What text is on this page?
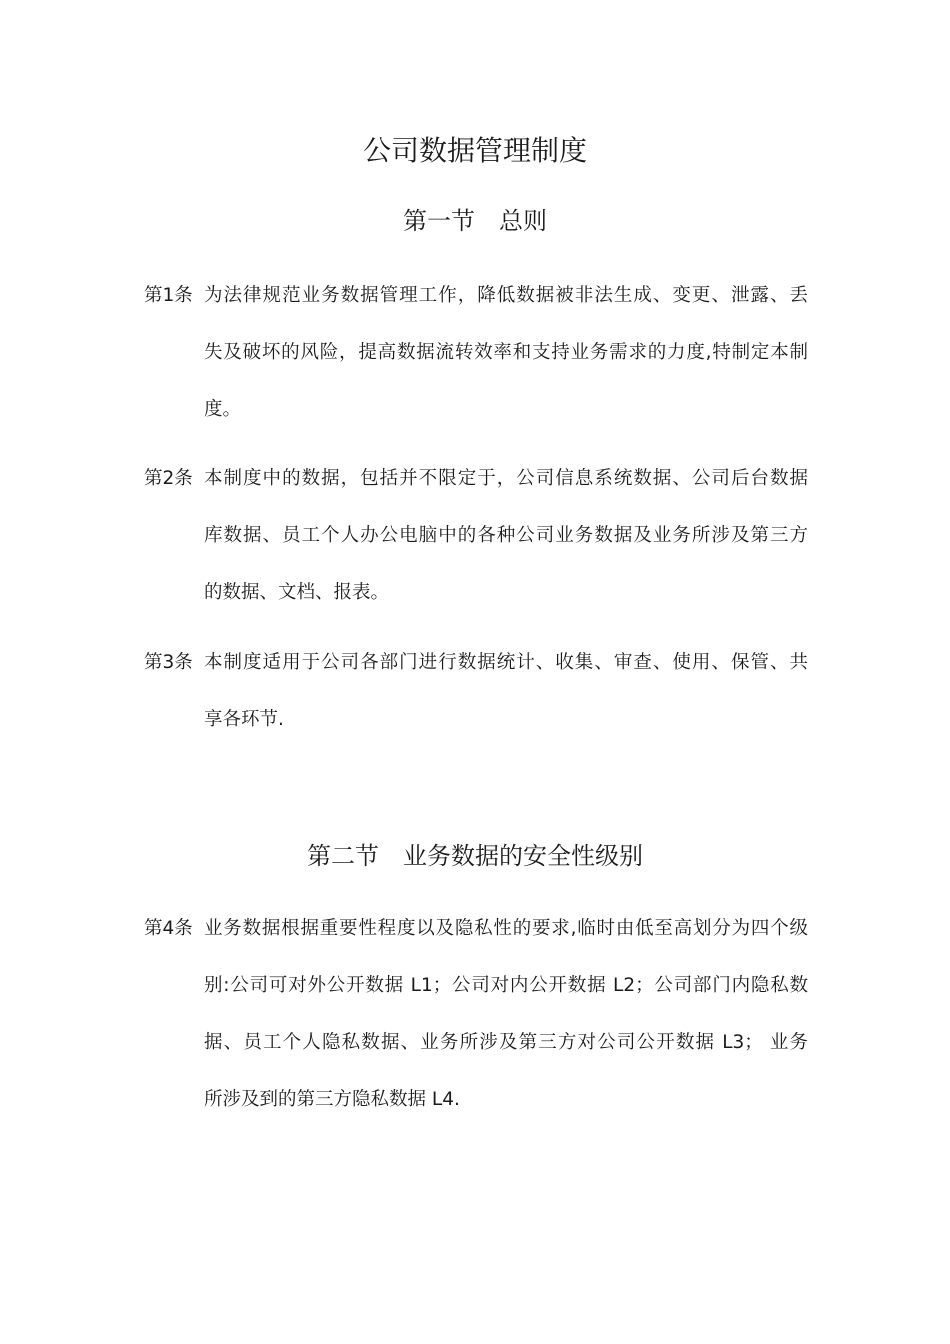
公司数据管理制度
第一节　总则
第1条 为法律规范业务数据管理工作，降低数据被非法生成、变更、泄露、丢
失及破坏的风险，提高数据流转效率和支持业务需求的力度,特制定本制
度。
第2条 本制度中的数据，包括并不限定于，公司信息系统数据、公司后台数据
库数据、员工个人办公电脑中的各种公司业务数据及业务所涉及第三方
的数据、文档、报表。
第3条 本制度适用于公司各部门进行数据统计、收集、审查、使用、保管、共
享各环节.
第二节　业务数据的安全性级别
第4条 业务数据根据重要性程度以及隐私性的要求,临时由低至高划分为四个级
别:公司可对外公开数据 L1；公司对内公开数据 L2；公司部门内隐私数
据、员工个人隐私数据、业务所涉及第三方对公司公开数据 L3； 业务
所涉及到的第三方隐私数据 L4.
